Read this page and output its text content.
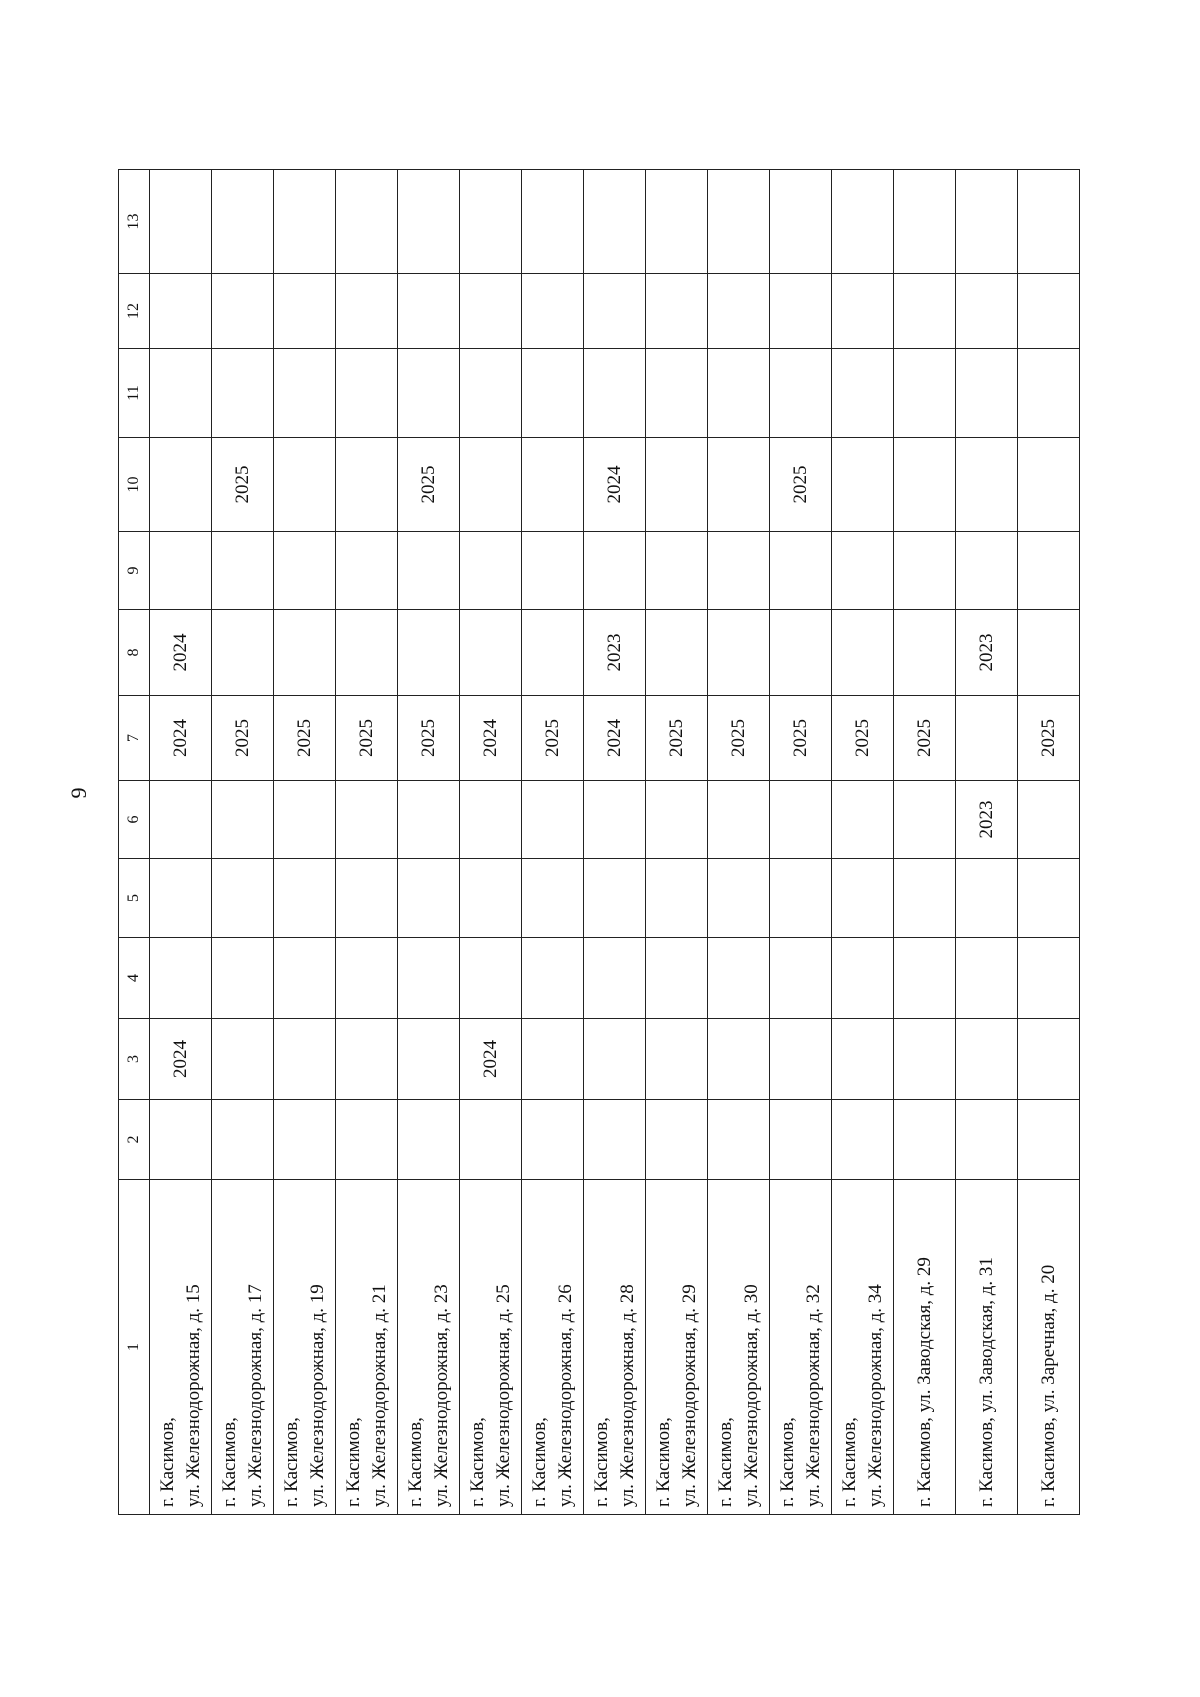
9
1	2	3	4	5	6	7	8	9	10	11	12	13

г. Касимов, ул. Железнодорожная, д. 15		2024				2024	2024					

г. Касимов, ул. Железнодорожная, д. 17						2025			2025			

г. Касимов, ул. Железнодорожная, д. 19						2025						

г. Касимов, ул. Железнодорожная, д. 21						2025						

г. Касимов, ул. Железнодорожная, д. 23						2025			2025			

г. Касимов, ул. Железнодорожная, д. 25		2024				2024						

г. Касимов, ул. Железнодорожная, д. 26						2025						

г. Касимов, ул. Железнодорожная, д. 28						2024	2023		2024			

г. Касимов, ул. Железнодорожная, д. 29						2025						

г. Касимов, ул. Железнодорожная, д. 30						2025						

г. Касимов, ул. Железнодорожная, д. 32						2025			2025			

г. Касимов, ул. Железнодорожная, д. 34						2025						

г. Касимов, ул. Заводская, д. 29						2025						

г. Касимов, ул. Заводская, д. 31					2023		2023					

г. Касимов, ул. Заречная, д. 20						2025						
